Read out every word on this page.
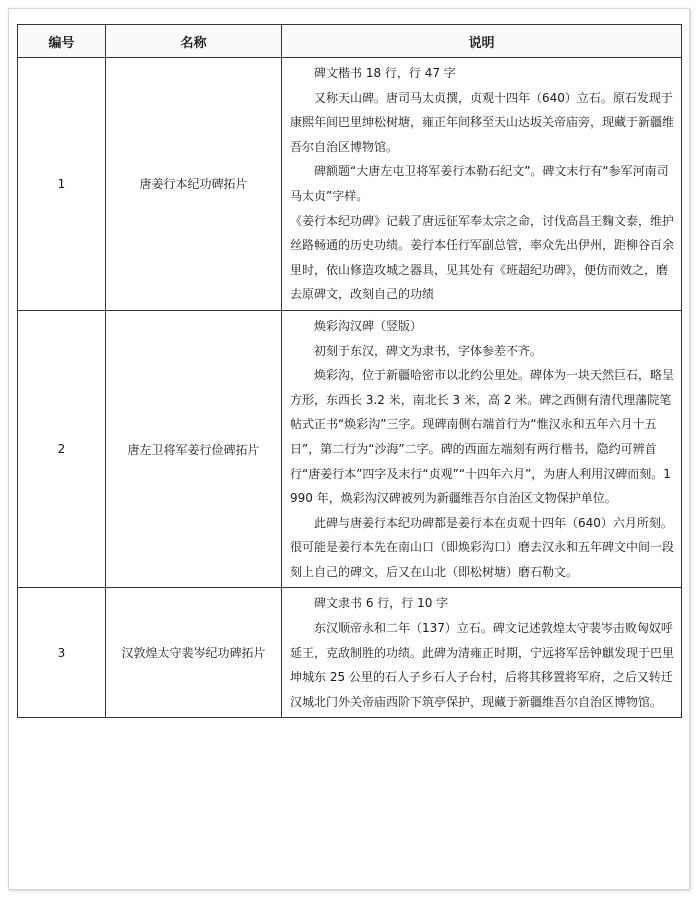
编号	名称	说明
1	唐姜行本纪功碑拓片	碑文楷书 18 行，行 47 字

又称天山碑。唐司马太贞撰，贞观十四年（640）立石。原石发现于康熙年间巴里绅松树塘，雍正年间移至天山达坂关帝庙旁，现藏于新疆维吾尔自治区博物馆。

碑额题“大唐左屯卫将军姜行本勒石纪文”。碑文末行有“参军河南司马太贞”字样。

《姜行本纪功碑》记载了唐远征军奉太宗之命，讨伐高昌王麴文泰，维护丝路畅通的历史功绩。姜行本任行军副总管，率众先出伊州，距柳谷百余里时，依山修造攻城之器具，见其处有《班超纪功碑》，便仿而效之，磨去原碑文，改刻自己的功绩

2	唐左卫将军姜行俭碑拓片	焕彩沟汉碑（竖版）

初刻于东汉，碑文为隶书，字体参差不齐。

焕彩沟，位于新疆哈密市以北约公里处。碑体为一块天然巨石，略呈方形，东西长 3.2 米，南北长 3 米，高 2 米。碑之西侧有清代理藩院笔帖式正书“焕彩沟”三字。现碑南侧右端首行为“惟汉永和五年六月十五日”，第二行为“沙海”二字。碑的西面左端刻有两行楷书，隐约可辨首行“唐姜行本”四字及末行“贞观”“十四年六月”，为唐人利用汉碑而刻。1990 年，焕彩沟汉碑被列为新疆维吾尔自治区文物保护单位。

此碑与唐姜行本纪功碑都是姜行本在贞观十四年（640）六月所刻。很可能是姜行本先在南山口（即焕彩沟口）磨去汉永和五年碑文中间一段刻上自己的碑文，后又在山北（即松树塘）磨石勒文。

3	汉敦煌太守裴岑纪功碑拓片	碑文隶书 6 行，行 10 字

东汉顺帝永和二年（137）立石。碑文记述敦煌太守裴岑击败匈奴呼延王，克敌制胜的功绩。此碑为清雍正时期，宁远将军岳钟麒发现于巴里坤城东 25 公里的石人子乡石人子台村，后将其移置将军府，之后又转迁汉城北门外关帝庙西阶下筑亭保护，现藏于新疆维吾尔自治区博物馆。
